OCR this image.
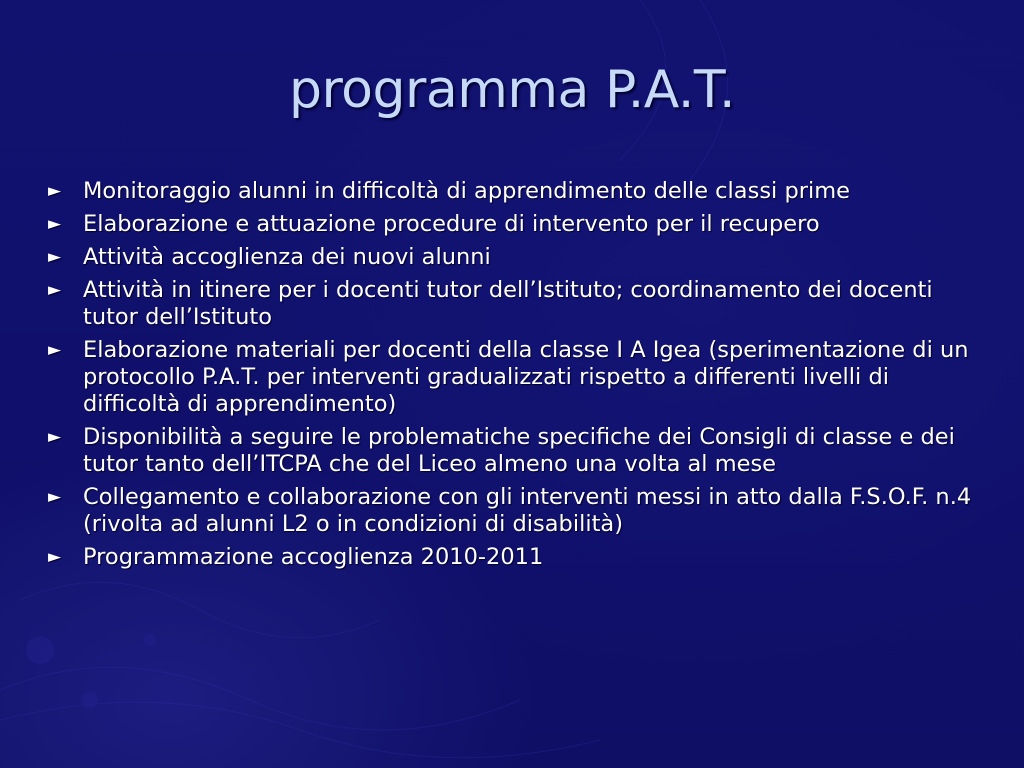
programma P.A.T.
► Monitoraggio alunni in difficoltà di apprendimento delle classi prime
► Elaborazione e attuazione procedure di intervento per il recupero
► Attività accoglienza dei nuovi alunni
► Attività in itinere per i docenti tutor dell’Istituto; coordinamento dei docenti tutor dell’Istituto
► Elaborazione materiali per docenti della classe I A Igea (sperimentazione di un protocollo P.A.T. per interventi gradualizzati rispetto a differenti livelli di difficoltà di apprendimento)
► Disponibilità a seguire le problematiche specifiche dei Consigli di classe e dei tutor tanto dell’ITCPA che del Liceo almeno una volta al mese
► Collegamento e collaborazione con gli interventi messi in atto dalla F.S.O.F. n.4 (rivolta ad alunni L2 o in condizioni di disabilità)
► Programmazione accoglienza 2010-2011
